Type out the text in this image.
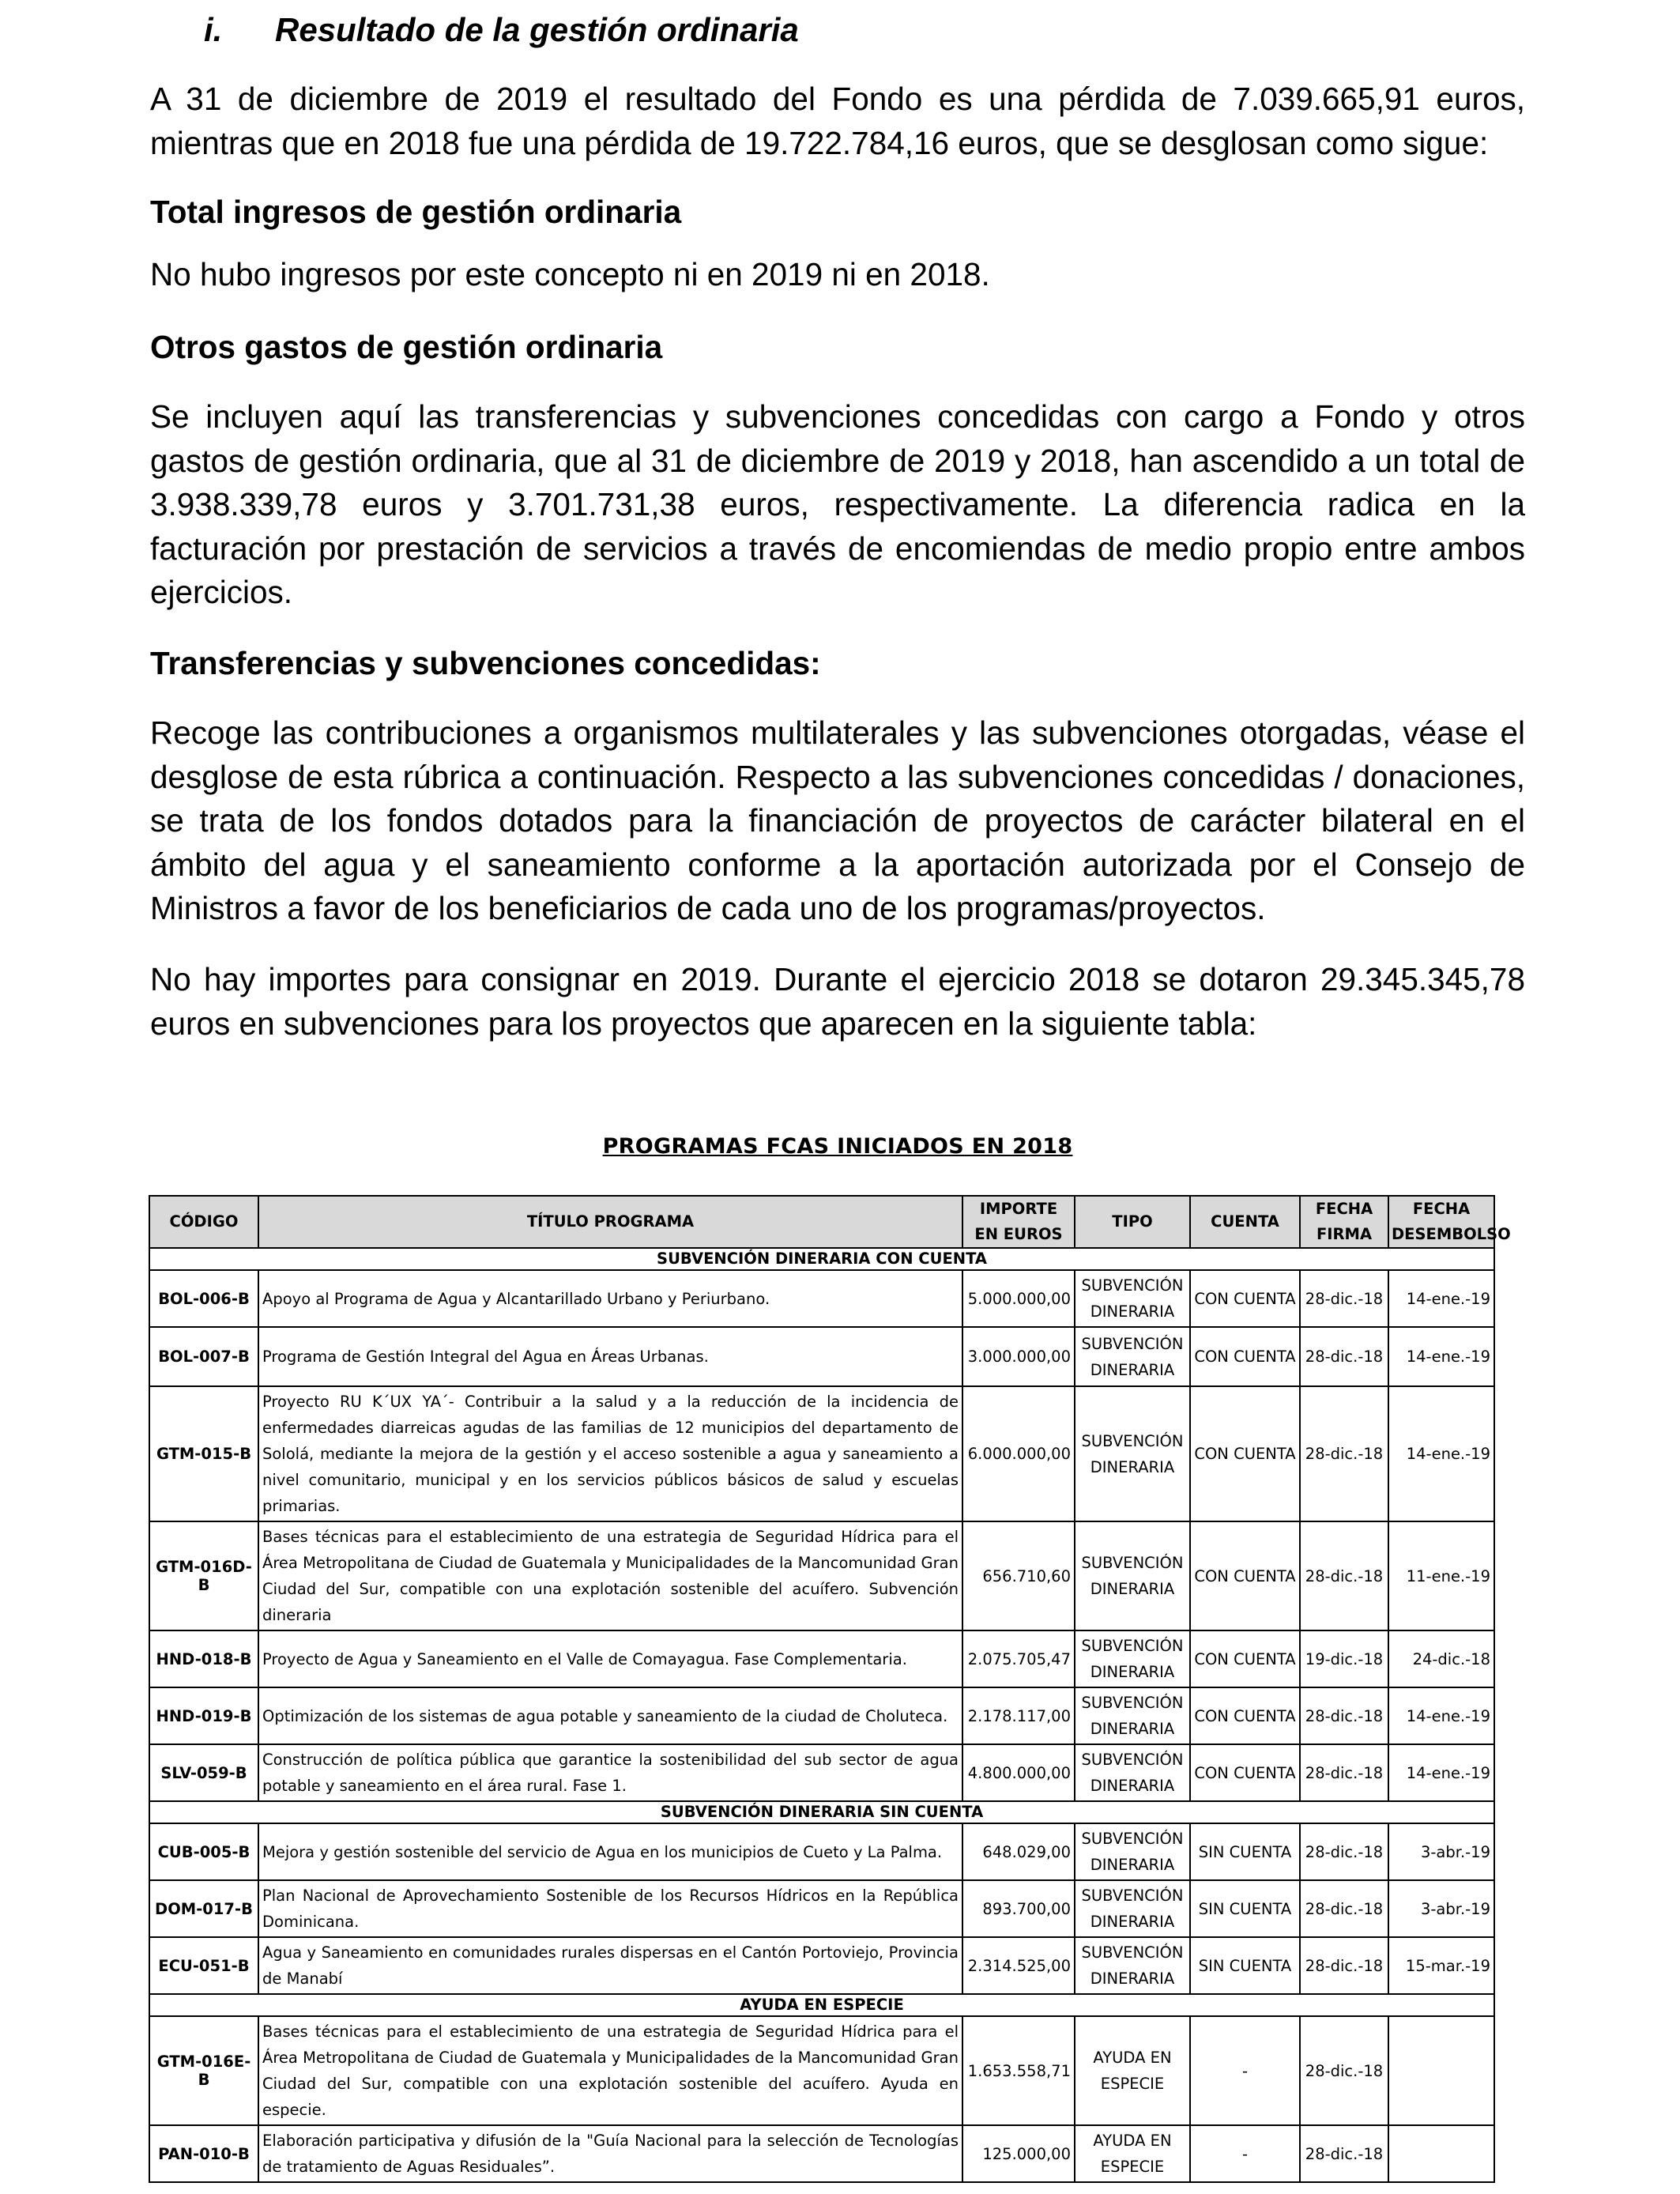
i. Resultado de la gestión ordinaria

A 31 de diciembre de 2019 el resultado del Fondo es una pérdida de 7.039.665,91 euros, mientras que en 2018 fue una pérdida de 19.722.784,16 euros, que se desglosan como sigue:

Total ingresos de gestión ordinaria

No hubo ingresos por este concepto ni en 2019 ni en 2018.

Otros gastos de gestión ordinaria

Se incluyen aquí las transferencias y subvenciones concedidas con cargo a Fondo y otros gastos de gestión ordinaria, que al 31 de diciembre de 2019 y 2018, han ascendido a un total de 3.938.339,78 euros y 3.701.731,38 euros, respectivamente. La diferencia radica en la facturación por prestación de servicios a través de encomiendas de medio propio entre ambos ejercicios.

Transferencias y subvenciones concedidas:

Recoge las contribuciones a organismos multilaterales y las subvenciones otorgadas, véase el desglose de esta rúbrica a continuación. Respecto a las subvenciones concedidas / donaciones, se trata de los fondos dotados para la financiación de proyectos de carácter bilateral en el ámbito del agua y el saneamiento conforme a la aportación autorizada por el Consejo de Ministros a favor de los beneficiarios de cada uno de los programas/proyectos.

No hay importes para consignar en 2019. Durante el ejercicio 2018 se dotaron 29.345.345,78 euros en subvenciones para los proyectos que aparecen en la siguiente tabla:

PROGRAMAS FCAS INICIADOS EN 2018

CÓDIGO	TÍTULO PROGRAMA	IMPORTE EN EUROS	TIPO	CUENTA	FECHA FIRMA	FECHA DESEMBOLSO
SUBVENCIÓN DINERARIA CON CUENTA						
BOL-006-B	Apoyo al Programa de Agua y Alcantarillado Urbano y Periurbano.	5.000.000,00	SUBVENCIÓN DINERARIA	CON CUENTA	28-dic.-18	14-ene.-19
BOL-007-B	Programa de Gestión Integral del Agua en Áreas Urbanas.	3.000.000,00	SUBVENCIÓN DINERARIA	CON CUENTA	28-dic.-18	14-ene.-19
GTM-015-B	Proyecto RU K´UX YA´- Contribuir a la salud y a la reducción de la incidencia de enfermedades diarreicas agudas de las familias de 12 municipios del departamento de Sololá, mediante la mejora de la gestión y el acceso sostenible a agua y saneamiento a nivel comunitario, municipal y en los servicios públicos básicos de salud y escuelas primarias.	6.000.000,00	SUBVENCIÓN DINERARIA	CON CUENTA	28-dic.-18	14-ene.-19
GTM-016D-B	Bases técnicas para el establecimiento de una estrategia de Seguridad Hídrica para el Área Metropolitana de Ciudad de Guatemala y Municipalidades de la Mancomunidad Gran Ciudad del Sur, compatible con una explotación sostenible del acuífero. Subvención dineraria	656.710,60	SUBVENCIÓN DINERARIA	CON CUENTA	28-dic.-18	11-ene.-19
HND-018-B	Proyecto de Agua y Saneamiento en el Valle de Comayagua. Fase Complementaria.	2.075.705,47	SUBVENCIÓN DINERARIA	CON CUENTA	19-dic.-18	24-dic.-18
HND-019-B	Optimización de los sistemas de agua potable y saneamiento de la ciudad de Choluteca.	2.178.117,00	SUBVENCIÓN DINERARIA	CON CUENTA	28-dic.-18	14-ene.-19
SLV-059-B	Construcción de política pública que garantice la sostenibilidad del sub sector de agua potable y saneamiento en el área rural. Fase 1.	4.800.000,00	SUBVENCIÓN DINERARIA	CON CUENTA	28-dic.-18	14-ene.-19
SUBVENCIÓN DINERARIA SIN CUENTA						
CUB-005-B	Mejora y gestión sostenible del servicio de Agua en los municipios de Cueto y La Palma.	648.029,00	SUBVENCIÓN DINERARIA	SIN CUENTA	28-dic.-18	3-abr.-19
DOM-017-B	Plan Nacional de Aprovechamiento Sostenible de los Recursos Hídricos en la República Dominicana.	893.700,00	SUBVENCIÓN DINERARIA	SIN CUENTA	28-dic.-18	3-abr.-19
ECU-051-B	Agua y Saneamiento en comunidades rurales dispersas en el Cantón Portoviejo, Provincia de Manabí	2.314.525,00	SUBVENCIÓN DINERARIA	SIN CUENTA	28-dic.-18	15-mar.-19
AYUDA EN ESPECIE						
GTM-016E-B	Bases técnicas para el establecimiento de una estrategia de Seguridad Hídrica para el Área Metropolitana de Ciudad de Guatemala y Municipalidades de la Mancomunidad Gran Ciudad del Sur, compatible con una explotación sostenible del acuífero. Ayuda en especie.	1.653.558,71	AYUDA EN ESPECIE	-	28-dic.-18	
PAN-010-B	Elaboración participativa y difusión de la "Guía Nacional para la selección de Tecnologías de tratamiento de Aguas Residuales”.	125.000,00	AYUDA EN ESPECIE	-	28-dic.-18	
